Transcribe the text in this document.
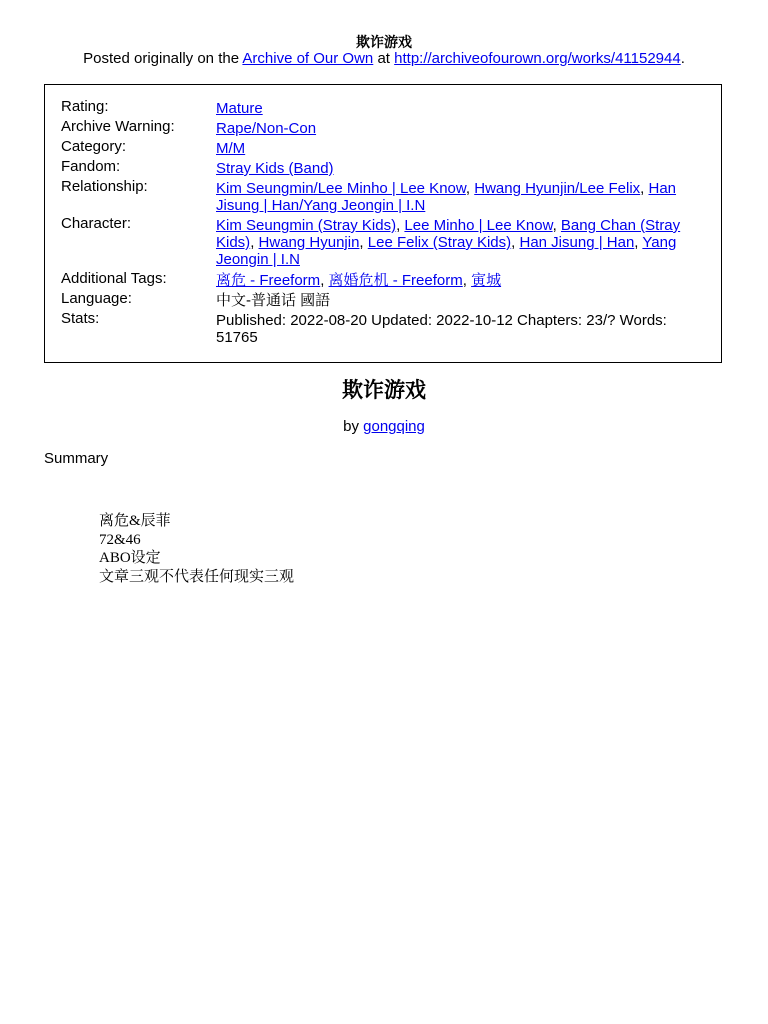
欺诈游戏
Posted originally on the Archive of Our Own at http://archiveofourown.org/works/41152944.
Rating:	Mature
Archive Warning:	Rape/Non-Con
Category:	M/M
Fandom:	Stray Kids (Band)
Relationship:	Kim Seungmin/Lee Minho | Lee Know, Hwang Hyunjin/Lee Felix, Han Jisung | Han/Yang Jeongin | I.N
Character:	Kim Seungmin (Stray Kids), Lee Minho | Lee Know, Bang Chan (Stray Kids), Hwang Hyunjin, Lee Felix (Stray Kids), Han Jisung | Han, Yang Jeongin | I.N
Additional Tags:	离危 - Freeform, 离婚危机 - Freeform, 寅城
Language:	中文-普通话 國語
Stats:	Published: 2022-08-20 Updated: 2022-10-12 Chapters: 23/? Words: 51765
欺诈游戏
by gongqing
Summary
离危&辰菲
72&46
ABO设定
文章三观不代表任何现实三观
